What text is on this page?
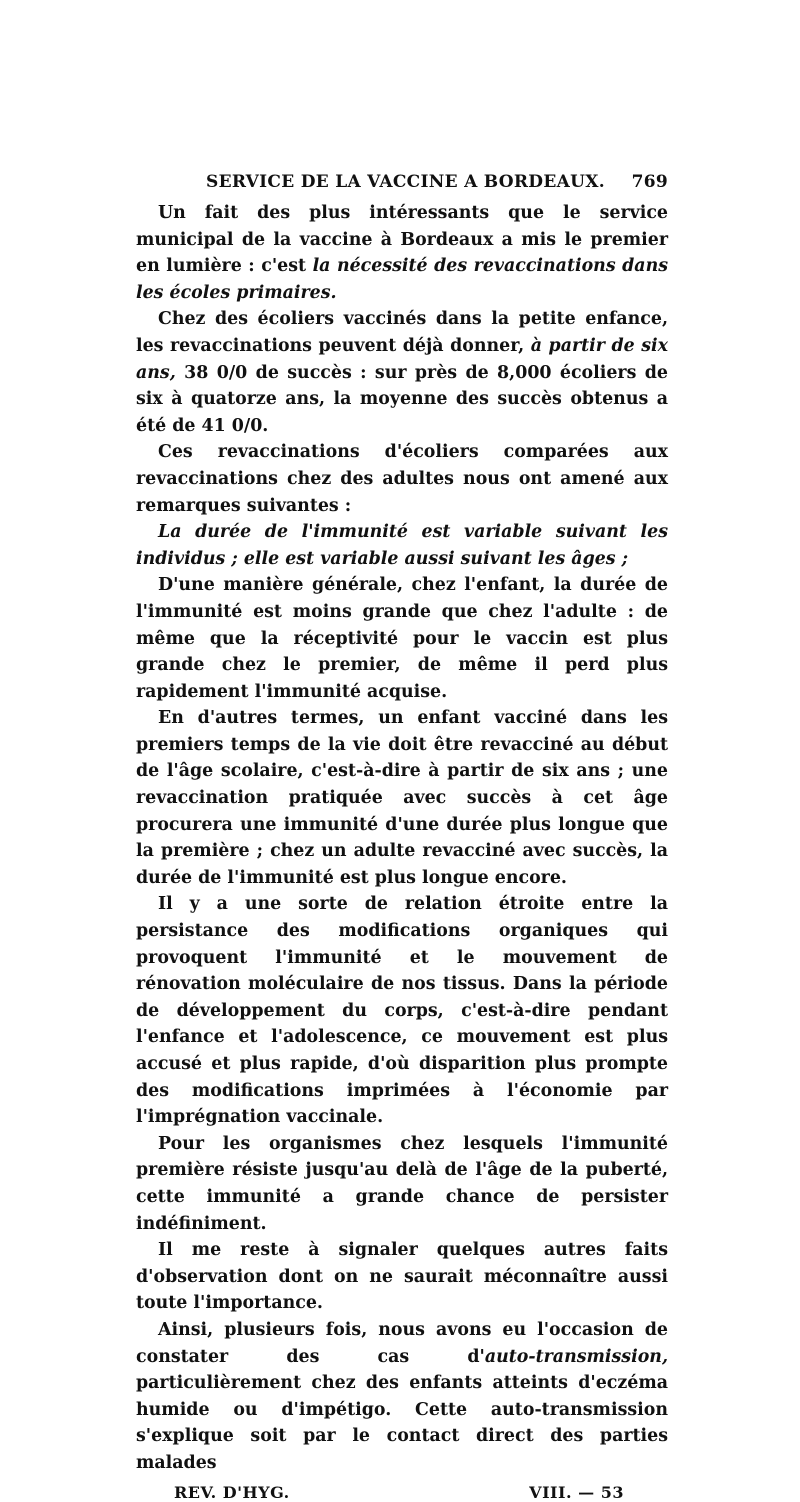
SERVICE DE LA VACCINE A BORDEAUX.	769

Un fait des plus intéressants que le service municipal de la vaccine à Bordeaux a mis le premier en lumière : c'est la nécessité des revaccinations dans les écoles primaires.

Chez des écoliers vaccinés dans la petite enfance, les revaccinations peuvent déjà donner, à partir de six ans, 38 0/0 de succès : sur près de 8,000 écoliers de six à quatorze ans, la moyenne des succès obtenus a été de 41 0/0.

Ces revaccinations d'écoliers comparées aux revaccinations chez des adultes nous ont amené aux remarques suivantes :

La durée de l'immunité est variable suivant les individus ; elle est variable aussi suivant les âges ;

D'une manière générale, chez l'enfant, la durée de l'immunité est moins grande que chez l'adulte : de même que la réceptivité pour le vaccin est plus grande chez le premier, de même il perd plus rapidement l'immunité acquise.

En d'autres termes, un enfant vacciné dans les premiers temps de la vie doit être revacciné au début de l'âge scolaire, c'est-à-dire à partir de six ans ; une revaccination pratiquée avec succès à cet âge procurera une immunité d'une durée plus longue que la première ; chez un adulte revacciné avec succès, la durée de l'immunité est plus longue encore.

Il y a une sorte de relation étroite entre la persistance des modifications organiques qui provoquent l'immunité et le mouvement de rénovation moléculaire de nos tissus. Dans la période de développement du corps, c'est-à-dire pendant l'enfance et l'adolescence, ce mouvement est plus accusé et plus rapide, d'où disparition plus prompte des modifications imprimées à l'économie par l'imprégnation vaccinale.

Pour les organismes chez lesquels l'immunité première résiste jusqu'au delà de l'âge de la puberté, cette immunité a grande chance de persister indéfiniment.

Il me reste à signaler quelques autres faits d'observation dont on ne saurait méconnaître aussi toute l'importance.

Ainsi, plusieurs fois, nous avons eu l'occasion de constater des cas d'auto-transmission, particulièrement chez des enfants atteints d'eczéma humide ou d'impétigo. Cette auto-transmission s'explique soit par le contact direct des parties malades

REV. D'HYG.	VIII. — 53
